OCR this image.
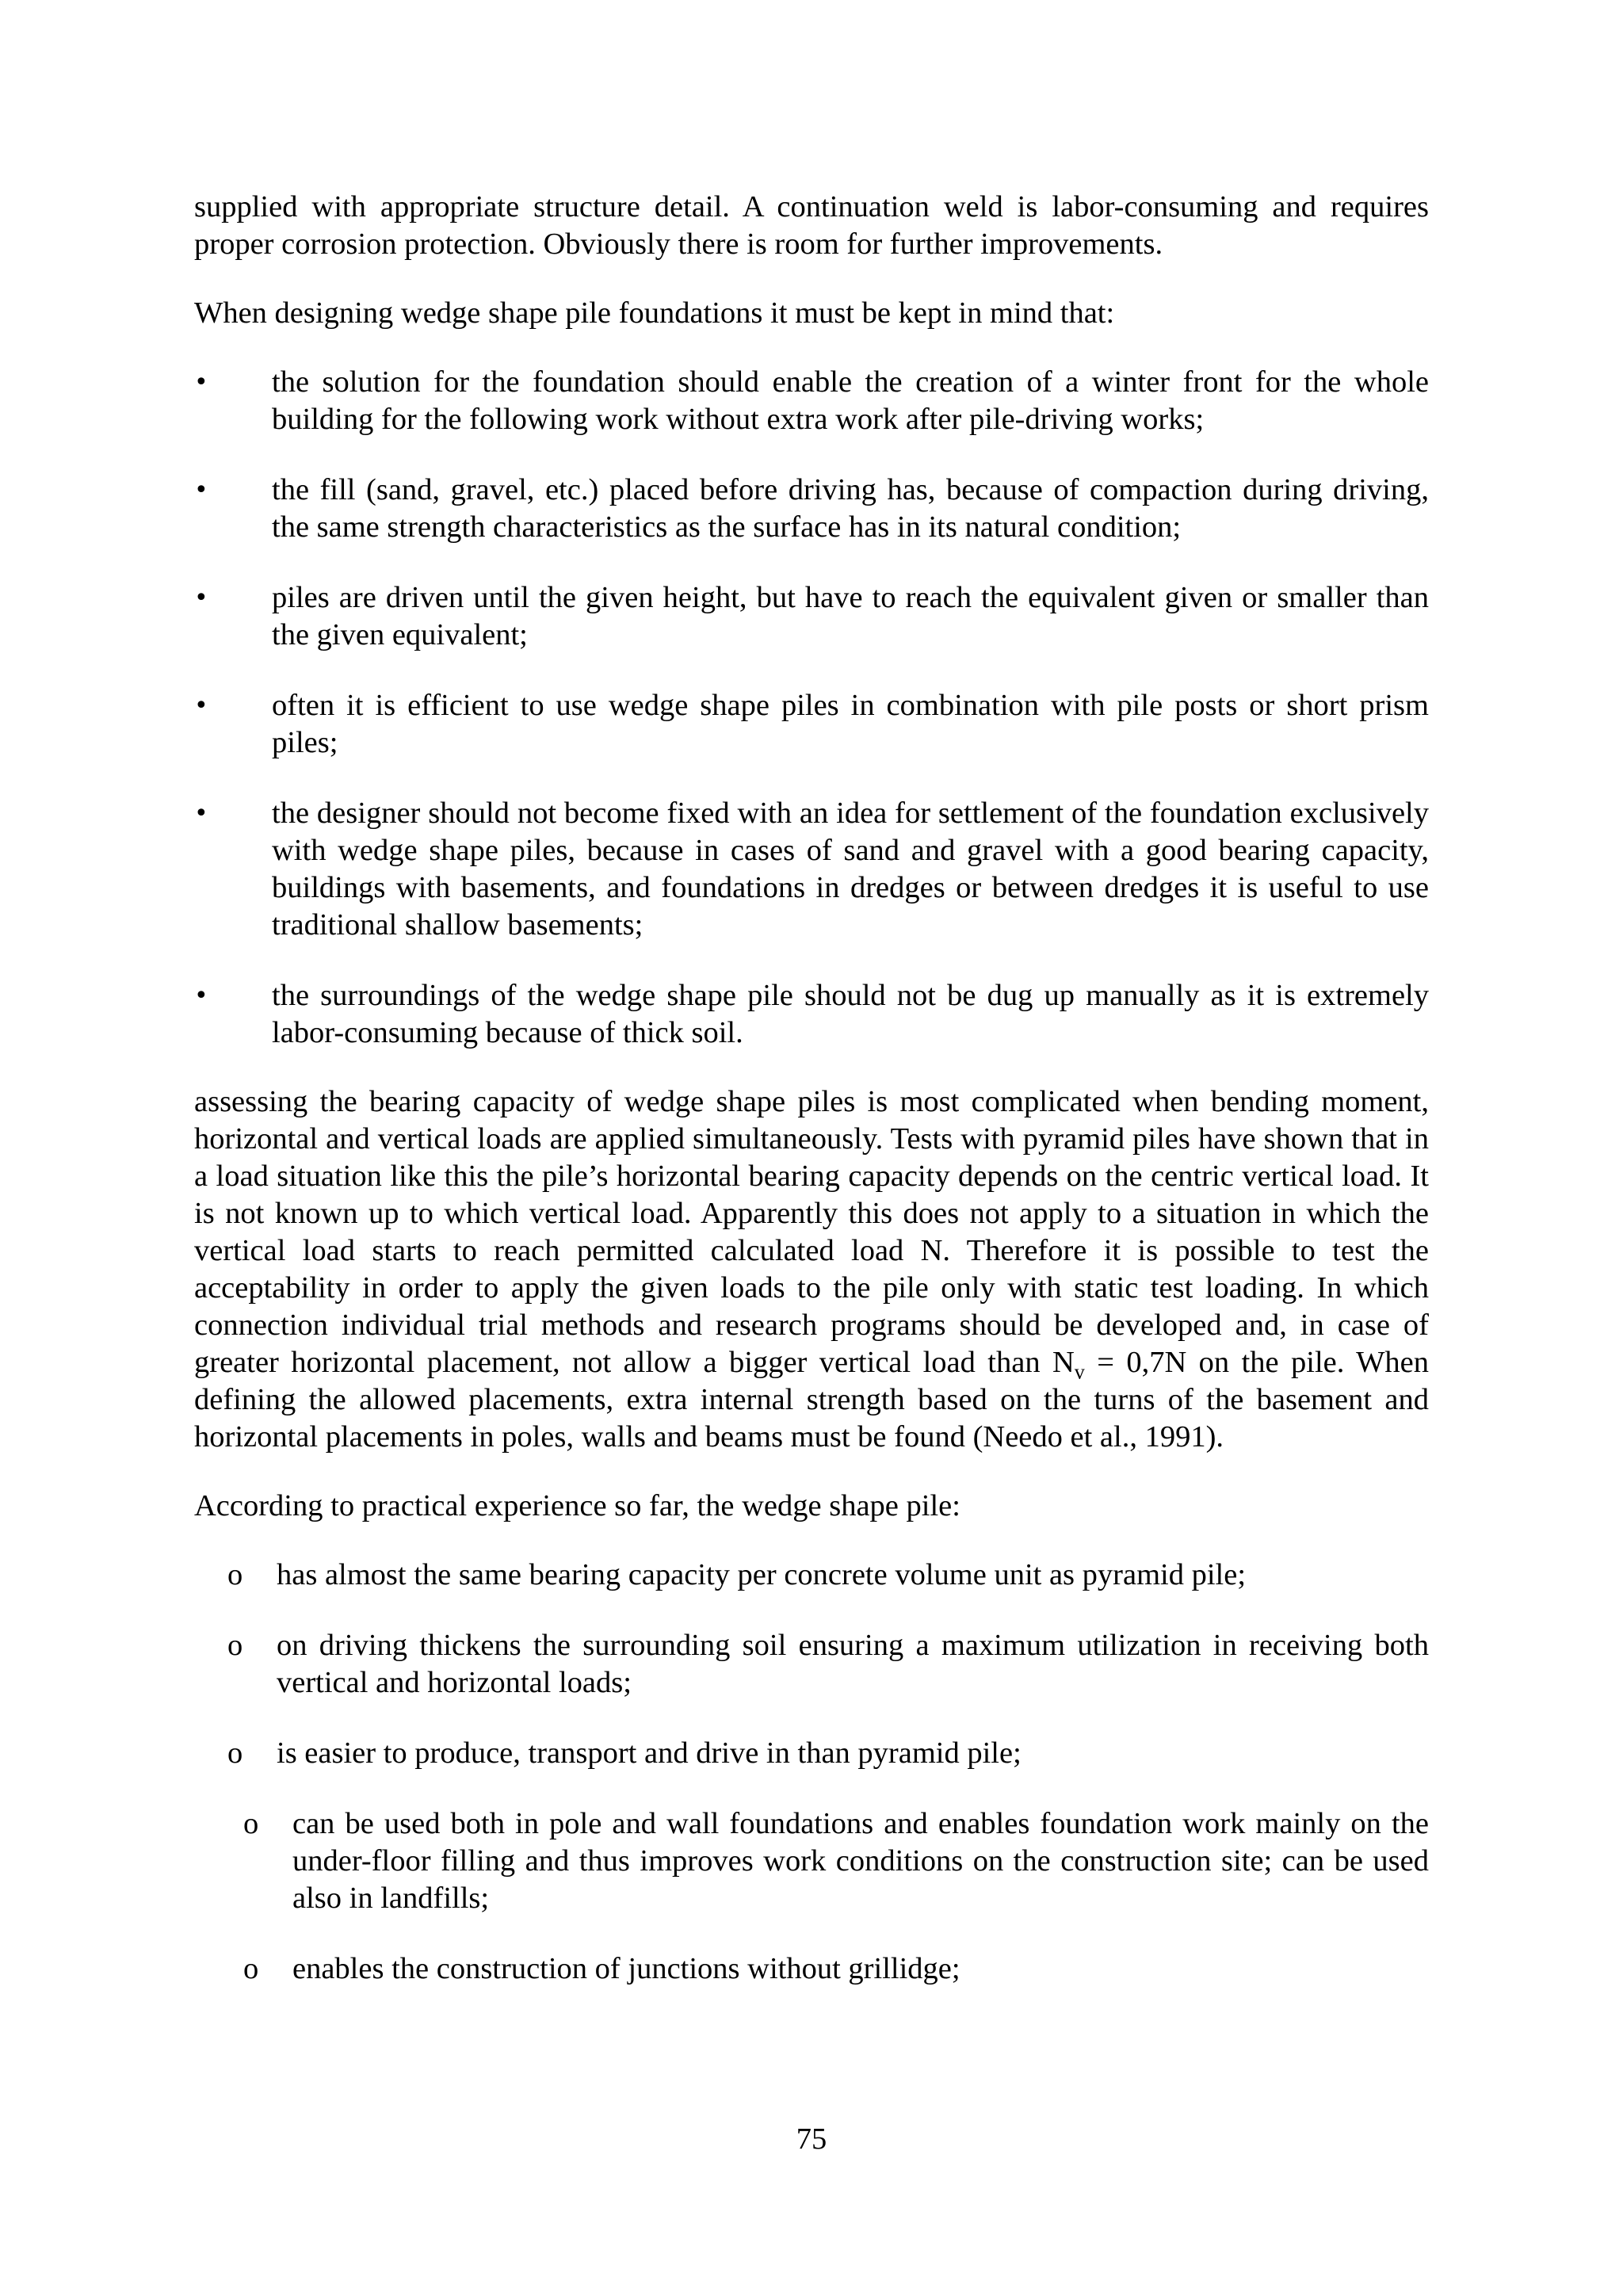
supplied with appropriate structure detail. A continuation weld is labor-consuming and requires proper corrosion protection. Obviously there is room for further improvements.

When designing wedge shape pile foundations it must be kept in mind that:

• the solution for the foundation should enable the creation of a winter front for the whole building for the following work without extra work after pile-driving works;
• the fill (sand, gravel, etc.) placed before driving has, because of compaction during driving, the same strength characteristics as the surface has in its natural condition;
• piles are driven until the given height, but have to reach the equivalent given or smaller than the given equivalent;
• often it is efficient to use wedge shape piles in combination with pile posts or short prism piles;
• the designer should not become fixed with an idea for settlement of the foundation exclusively with wedge shape piles, because in cases of sand and gravel with a good bearing capacity, buildings with basements, and foundations in dredges or between dredges it is useful to use traditional shallow basements;
• the surroundings of the wedge shape pile should not be dug up manually as it is extremely labor-consuming because of thick soil.

assessing the bearing capacity of wedge shape piles is most complicated when bending moment, horizontal and vertical loads are applied simultaneously. Tests with pyramid piles have shown that in a load situation like this the pile’s horizontal bearing capacity depends on the centric vertical load. It is not known up to which vertical load. Apparently this does not apply to a situation in which the vertical load starts to reach permitted calculated load N. Therefore it is possible to test the acceptability in order to apply the given loads to the pile only with static test loading. In which connection individual trial methods and research programs should be developed and, in case of greater horizontal placement, not allow a bigger vertical load than $N_v = 0,7N$ on the pile. When defining the allowed placements, extra internal strength based on the turns of the basement and horizontal placements in poles, walls and beams must be found (Needo et al., 1991).

According to practical experience so far, the wedge shape pile:

o has almost the same bearing capacity per concrete volume unit as pyramid pile;
o on driving thickens the surrounding soil ensuring a maximum utilization in receiving both vertical and horizontal loads;
o is easier to produce, transport and drive in than pyramid pile;
o can be used both in pole and wall foundations and enables foundation work mainly on the under-floor filling and thus improves work conditions on the construction site; can be used also in landfills;
o enables the construction of junctions without grillidge;
75
